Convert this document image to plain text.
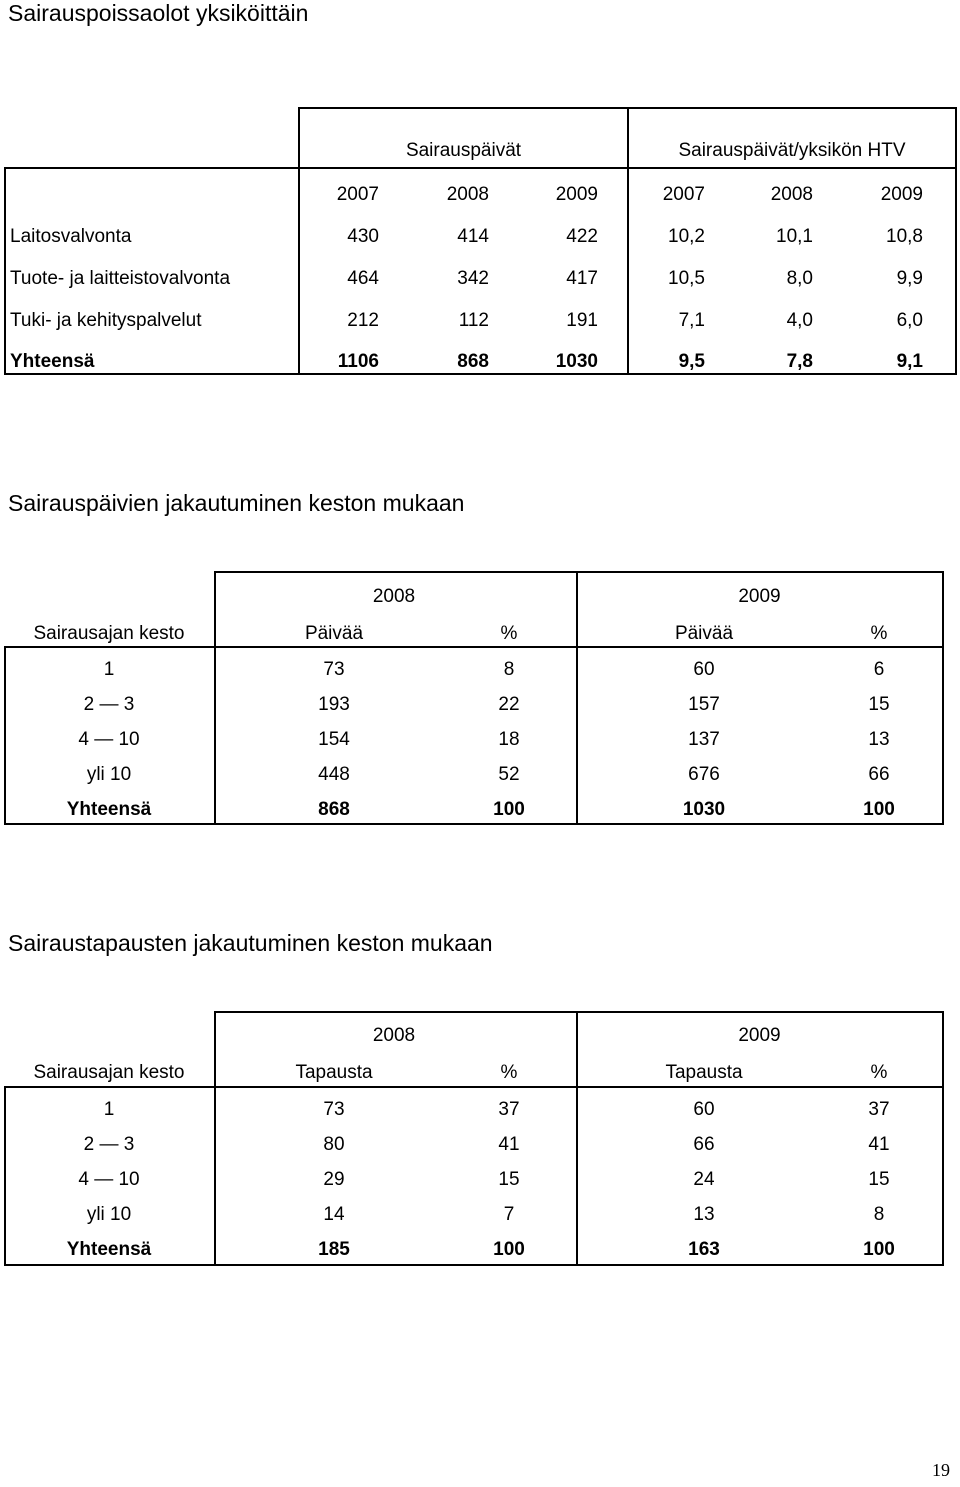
Sairauspoissaolot yksiköittäin
Sairauspäivät	Sairauspäivät/yksikön HTV
2007	2008	2009	2007	2008	2009
Laitosvalvonta	430	414	422	10,2	10,1	10,8
Tuote- ja laitteistovalvonta	464	342	417	10,5	8,0	9,9
Tuki- ja kehityspalvelut	212	112	191	7,1	4,0	6,0
Yhteensä	1106	868	1030	9,5	7,8	9,1
Sairauspäivien jakautuminen keston mukaan
2008	2009
Sairausajan kesto	Päivää	%	Päivää	%
1	73	8	60	6
2 — 3	193	22	157	15
4 — 10	154	18	137	13
yli 10	448	52	676	66
Yhteensä	868	100	1030	100
Sairaustapausten jakautuminen keston mukaan
2008	2009
Sairausajan kesto	Tapausta	%	Tapausta	%
1	73	37	60	37
2 — 3	80	41	66	41
4 — 10	29	15	24	15
yli 10	14	7	13	8
Yhteensä	185	100	163	100
19
